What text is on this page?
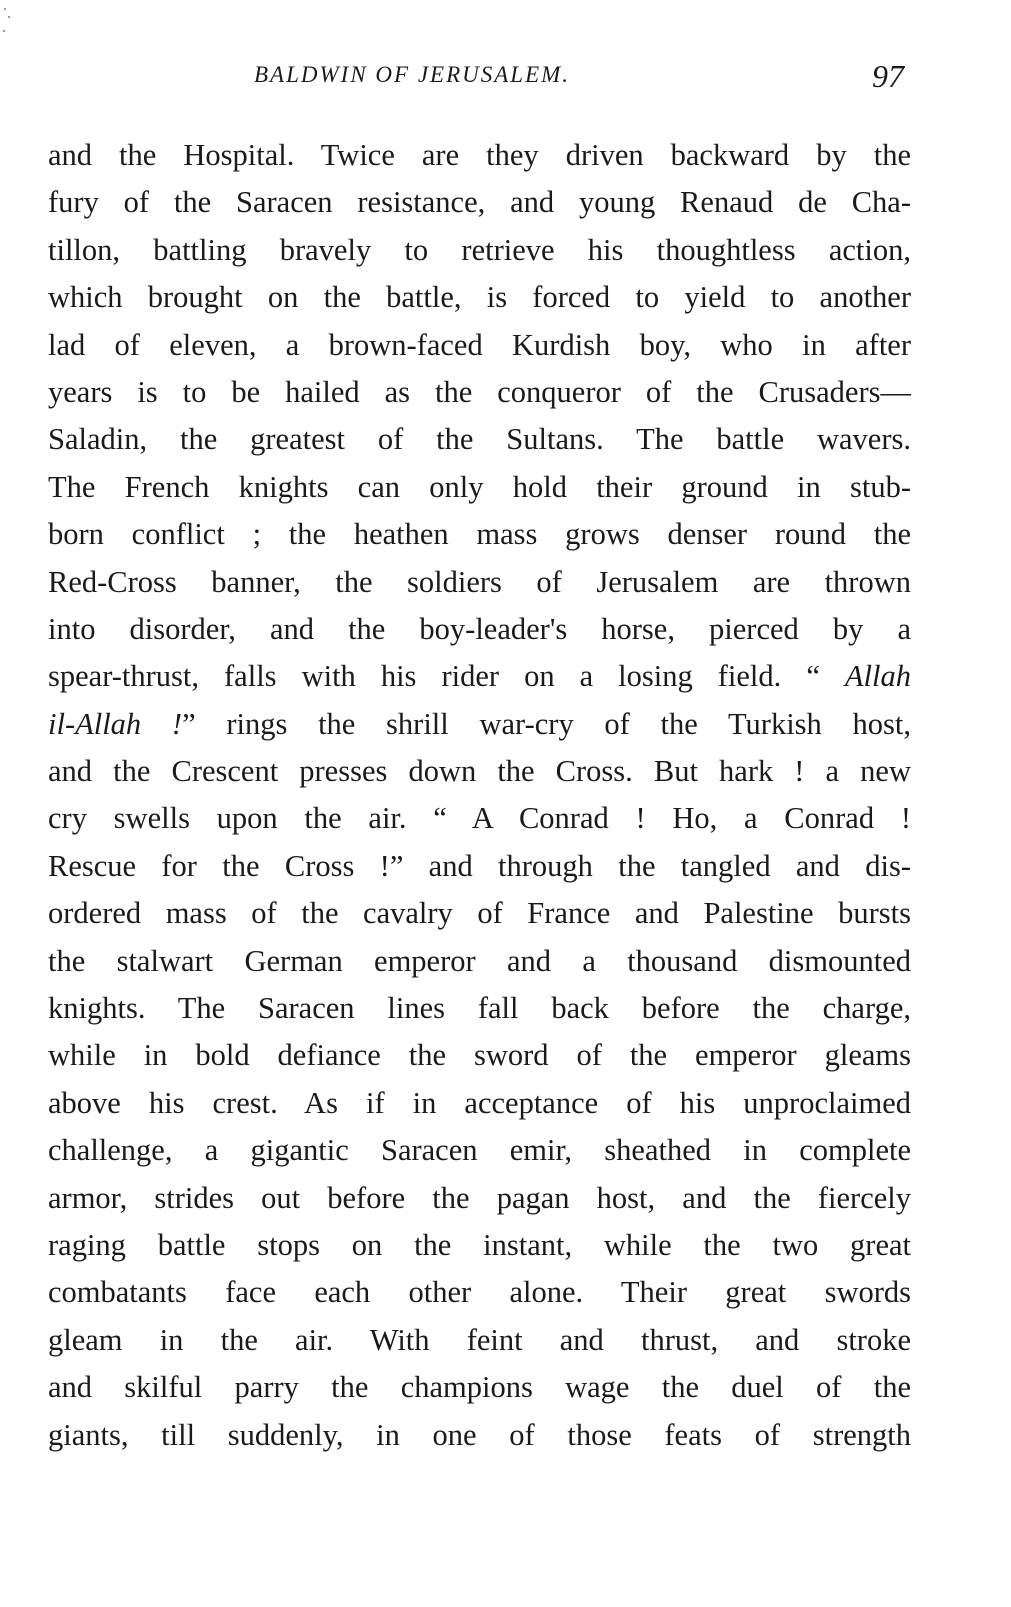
BALDWIN OF JERUSALEM.	97
and the Hospital. Twice are they driven backward by the
fury of the Saracen resistance, and young Renaud de Cha-
tillon, battling bravely to retrieve his thoughtless action,
which brought on the battle, is forced to yield to another
lad of eleven, a brown-faced Kurdish boy, who in after
years is to be hailed as the conqueror of the Crusaders—
Saladin, the greatest of the Sultans. The battle wavers.
The French knights can only hold their ground in stub-
born conflict ; the heathen mass grows denser round the
Red-Cross banner, the soldiers of Jerusalem are thrown
into disorder, and the boy-leader's horse, pierced by a
spear-thrust, falls with his rider on a losing field. “ Allah
il-Allah !” rings the shrill war-cry of the Turkish host,
and the Crescent presses down the Cross. But hark ! a new
cry swells upon the air. “ A Conrad ! Ho, a Conrad !
Rescue for the Cross !” and through the tangled and dis-
ordered mass of the cavalry of France and Palestine bursts
the stalwart German emperor and a thousand dismounted
knights. The Saracen lines fall back before the charge,
while in bold defiance the sword of the emperor gleams
above his crest. As if in acceptance of his unproclaimed
challenge, a gigantic Saracen emir, sheathed in complete
armor, strides out before the pagan host, and the fiercely
raging battle stops on the instant, while the two great
combatants face each other alone. Their great swords
gleam in the air. With feint and thrust, and stroke
and skilful parry the champions wage the duel of the
giants, till suddenly, in one of those feats of strength
